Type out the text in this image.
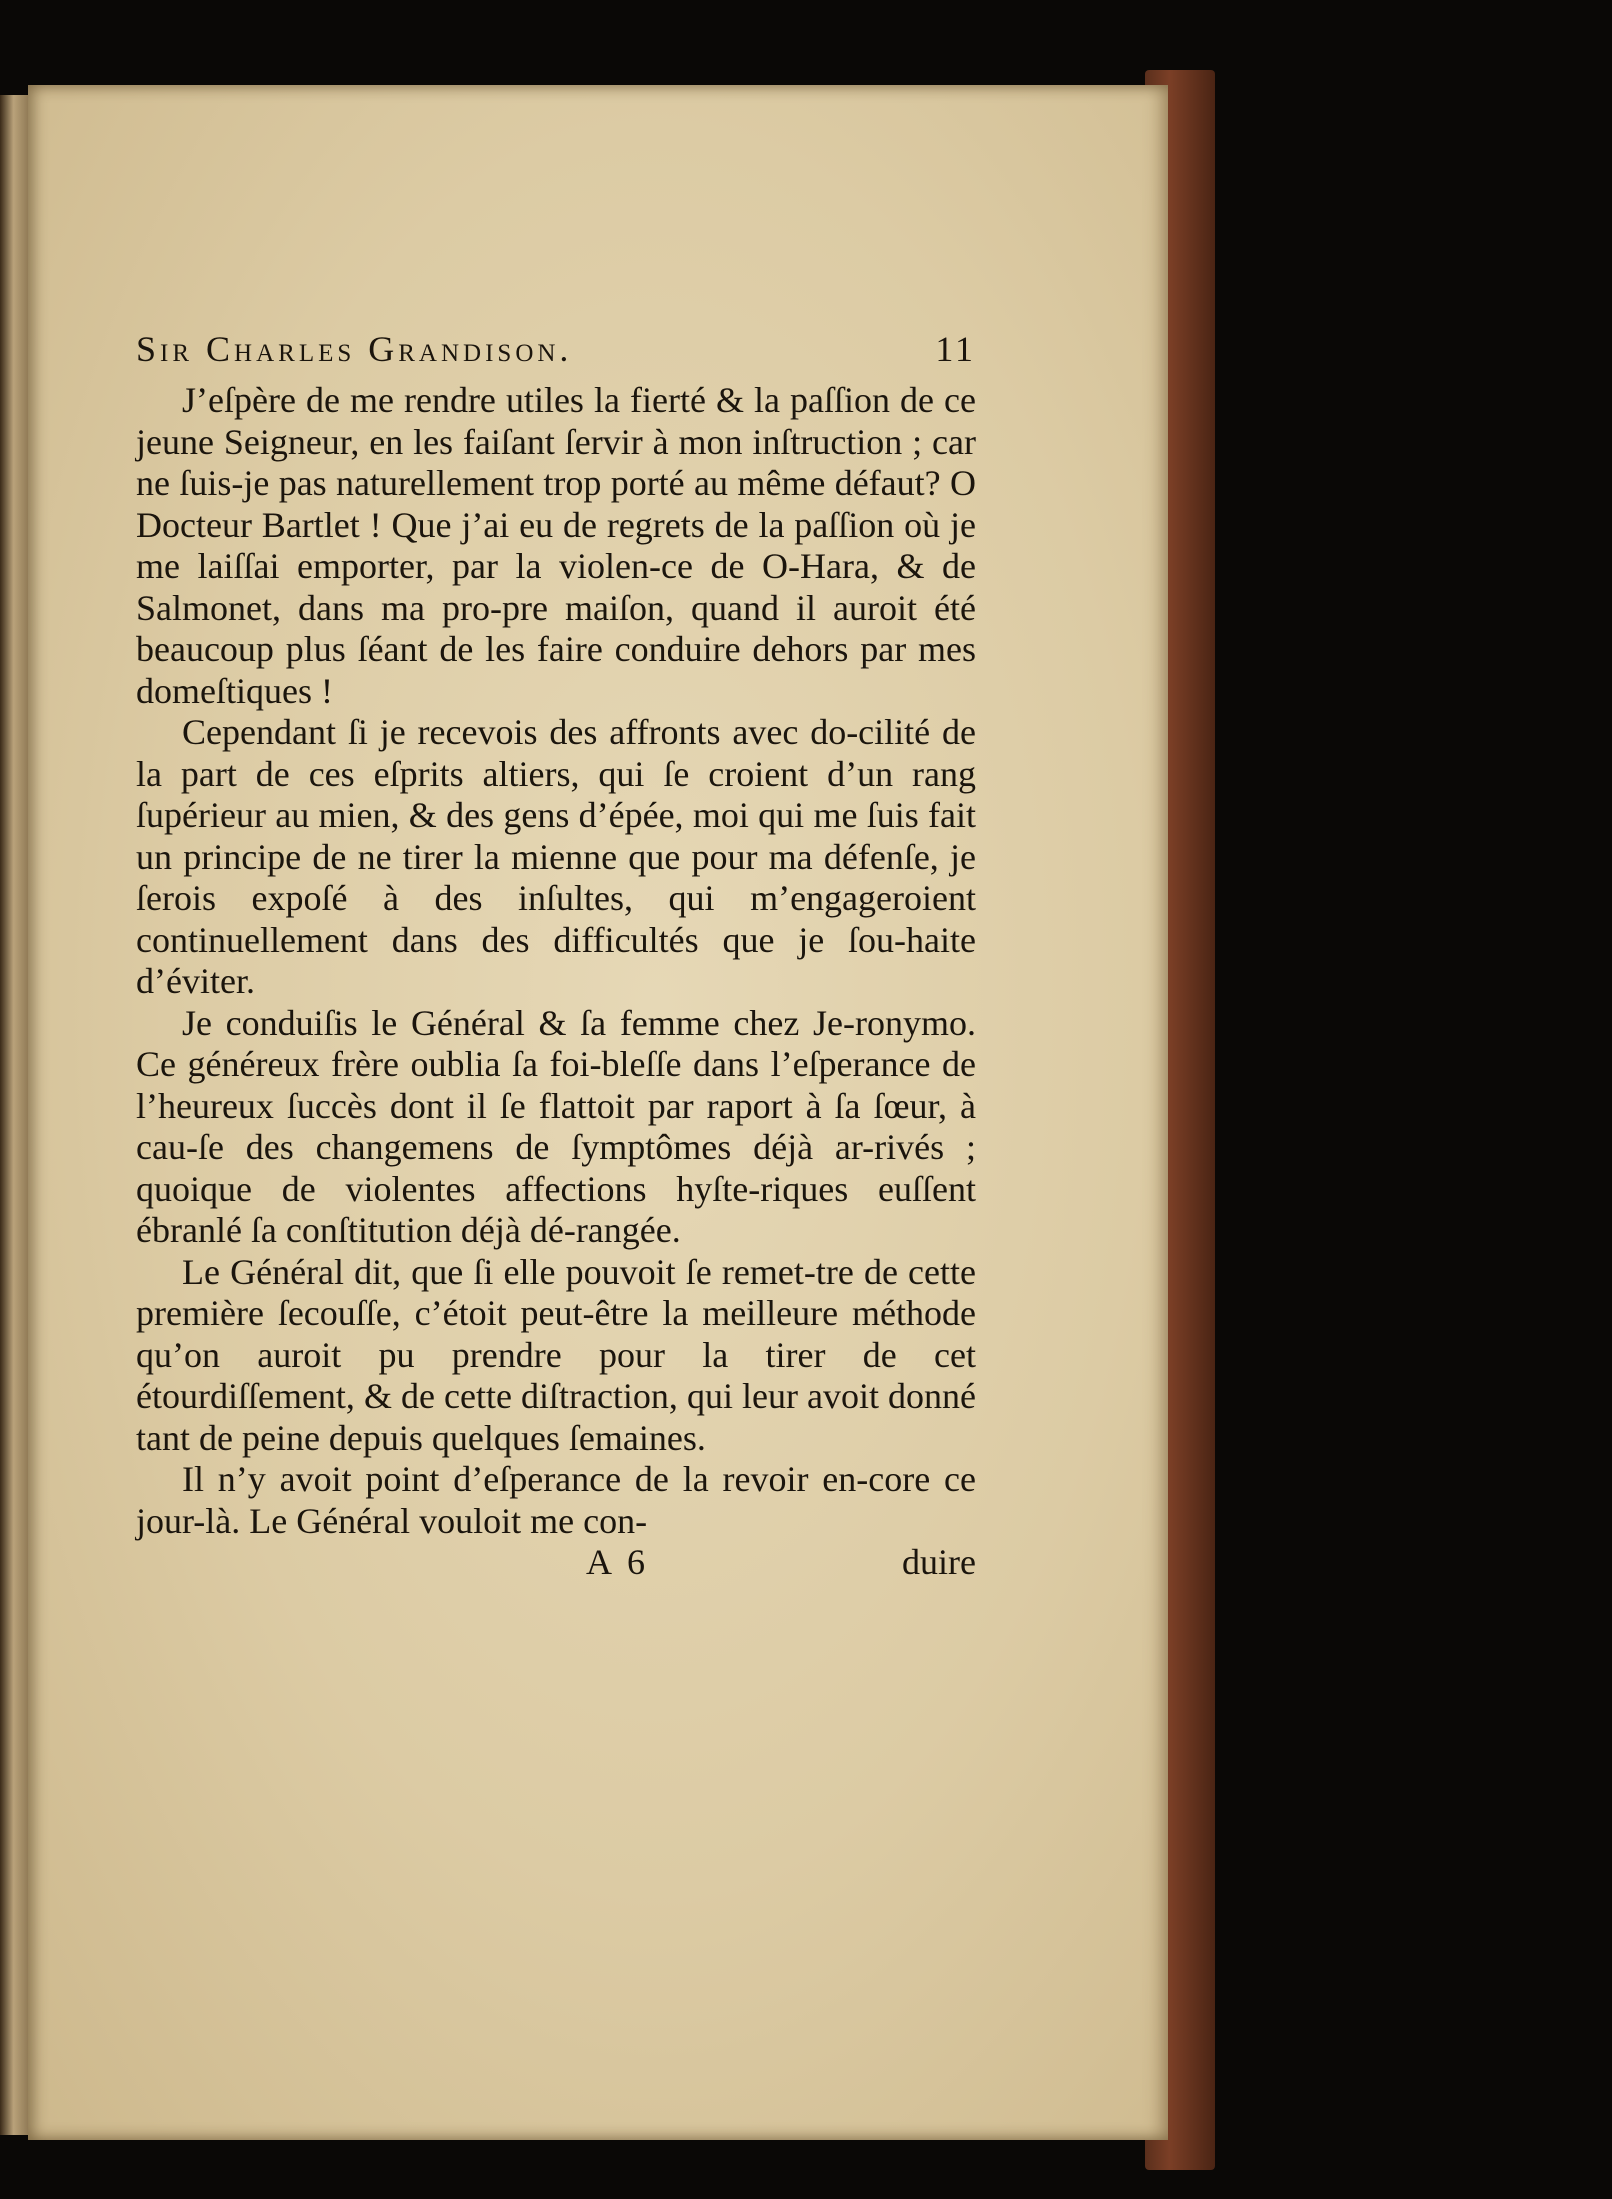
Sir Charles Grandison.	11

J’eſpère de me rendre utiles la fierté & la paſſion de ce jeune Seigneur, en les faiſant ſervir à mon inſtruction ; car ne ſuis-je pas naturellement trop porté au même défaut? O Docteur Bartlet ! Que j’ai eu de regrets de la paſſion où je me laiſſai emporter, par la violen-ce de O-Hara, & de Salmonet, dans ma pro-pre maiſon, quand il auroit été beaucoup plus ſéant de les faire conduire dehors par mes domeſtiques !

Cependant ſi je recevois des affronts avec do-cilité de la part de ces eſprits altiers, qui ſe croient d’un rang ſupérieur au mien, & des gens d’épée, moi qui me ſuis fait un principe de ne tirer la mienne que pour ma défenſe, je ſerois expoſé à des inſultes, qui m’engageroient continuellement dans des difficultés que je ſou-haite d’éviter.

Je conduiſis le Général & ſa femme chez Je-ronymo. Ce généreux frère oublia ſa foi-bleſſe dans l’eſperance de l’heureux ſuccès dont il ſe flattoit par raport à ſa ſœur, à cau-ſe des changemens de ſymptômes déjà ar-rivés ; quoique de violentes affections hyſte-riques euſſent ébranlé ſa conſtitution déjà dé-rangée.

Le Général dit, que ſi elle pouvoit ſe remet-tre de cette première ſecouſſe, c’étoit peut-être la meilleure méthode qu’on auroit pu prendre pour la tirer de cet étourdiſſement, & de cette diſtraction, qui leur avoit donné tant de peine depuis quelques ſemaines.

Il n’y avoit point d’eſperance de la revoir en-core ce jour-là. Le Général vouloit me con-

A 6	duire
